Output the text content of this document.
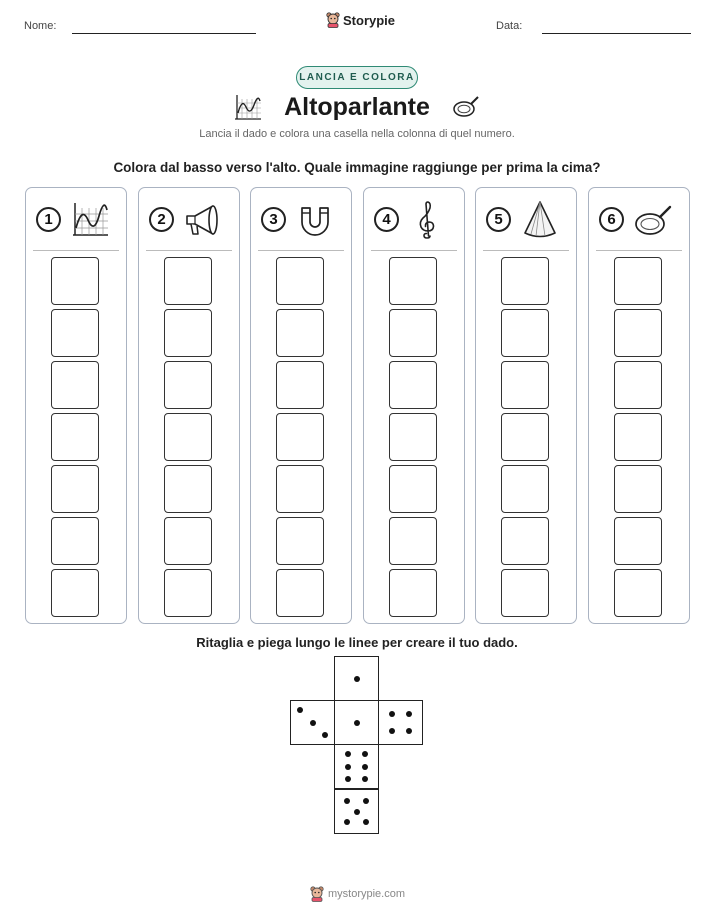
Nome:	Storypie	Data:
LANCIA E COLORA
Altoparlante
Lancia il dado e colora una casella nella colonna di quel numero.
Colora dal basso verso l'alto. Quale immagine raggiunge per prima la cima?
1	2	3	4	5	6
Ritaglia e piega lungo le linee per creare il tuo dado.
mystorypie.com
